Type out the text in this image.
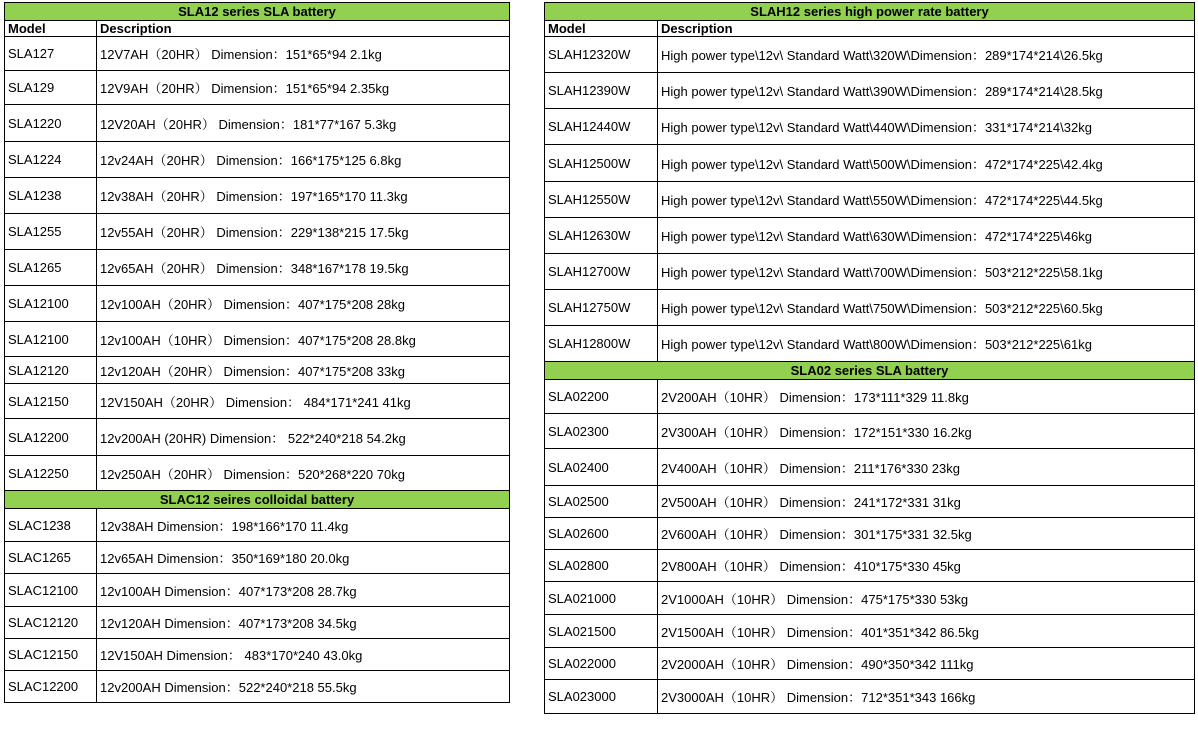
SLA12 series SLA battery	
Model	Description
SLA127	12V7AH（20HR） Dimension：151*65*94 2.1kg
SLA129	12V9AH（20HR） Dimension：151*65*94 2.35kg
SLA1220	12V20AH（20HR） Dimension：181*77*167 5.3kg
SLA1224	12v24AH（20HR） Dimension：166*175*125 6.8kg
SLA1238	12v38AH（20HR） Dimension：197*165*170 11.3kg
SLA1255	12v55AH（20HR） Dimension：229*138*215 17.5kg
SLA1265	12v65AH（20HR） Dimension：348*167*178 19.5kg
SLA12100	12v100AH（20HR） Dimension：407*175*208 28kg
SLA12100	12v100AH（10HR） Dimension：407*175*208 28.8kg
SLA12120	12v120AH（20HR） Dimension：407*175*208 33kg
SLA12150	12V150AH（20HR） Dimension： 484*171*241 41kg
SLA12200	12v200AH (20HR) Dimension： 522*240*218 54.2kg
SLA12250	12v250AH（20HR） Dimension：520*268*220 70kg
SLAC12 seires colloidal battery	
SLAC1238	12v38AH Dimension：198*166*170 11.4kg
SLAC1265	12v65AH Dimension：350*169*180 20.0kg
SLAC12100	12v100AH Dimension：407*173*208 28.7kg
SLAC12120	12v120AH Dimension：407*173*208 34.5kg
SLAC12150	12V150AH Dimension： 483*170*240 43.0kg
SLAC12200	12v200AH Dimension：522*240*218 55.5kg
SLAH12 series high power rate battery	
Model	Description
SLAH12320W	High power type\12v\ Standard Watt\320W\Dimension：289*174*214\26.5kg
SLAH12390W	High power type\12v\ Standard Watt\390W\Dimension：289*174*214\28.5kg
SLAH12440W	High power type\12v\ Standard Watt\440W\Dimension：331*174*214\32kg
SLAH12500W	High power type\12v\ Standard Watt\500W\Dimension：472*174*225\42.4kg
SLAH12550W	High power type\12v\ Standard Watt\550W\Dimension：472*174*225\44.5kg
SLAH12630W	High power type\12v\ Standard Watt\630W\Dimension：472*174*225\46kg
SLAH12700W	High power type\12v\ Standard Watt\700W\Dimension：503*212*225\58.1kg
SLAH12750W	High power type\12v\ Standard Watt\750W\Dimension：503*212*225\60.5kg
SLAH12800W	High power type\12v\ Standard Watt\800W\Dimension：503*212*225\61kg
SLA02 series SLA battery	
SLA02200	2V200AH（10HR） Dimension：173*111*329 11.8kg
SLA02300	2V300AH（10HR） Dimension：172*151*330 16.2kg
SLA02400	2V400AH（10HR） Dimension：211*176*330 23kg
SLA02500	2V500AH（10HR） Dimension：241*172*331 31kg
SLA02600	2V600AH（10HR） Dimension：301*175*331 32.5kg
SLA02800	2V800AH（10HR） Dimension：410*175*330 45kg
SLA021000	2V1000AH（10HR） Dimension：475*175*330 53kg
SLA021500	2V1500AH（10HR） Dimension：401*351*342 86.5kg
SLA022000	2V2000AH（10HR） Dimension：490*350*342 111kg
SLA023000	2V3000AH（10HR） Dimension：712*351*343 166kg
